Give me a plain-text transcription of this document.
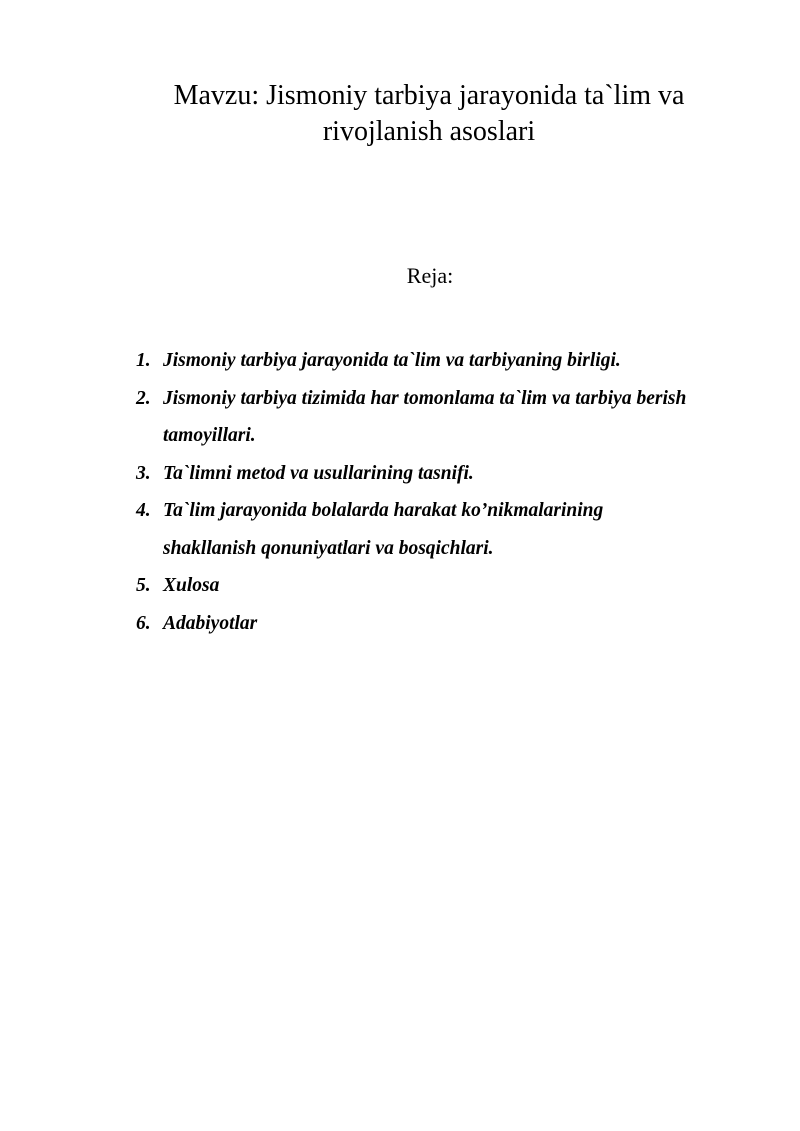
Mavzu: Jismoniy tarbiya jarayonida ta`lim va
rivojlanish asoslari
Reja:
1. Jismoniy tarbiya jarayonida ta`lim va tarbiyaning birligi.
2. Jismoniy tarbiya tizimida har tomonlama ta`lim va tarbiya berish
tamoyillari.
3. Ta`limni metod va usullarining tasnifi.
4. Ta`lim jarayonida bolalarda harakat ko’nikmalarining
shakllanish qonuniyatlari va bosqichlari.
5. Xulosa
6. Adabiyotlar
